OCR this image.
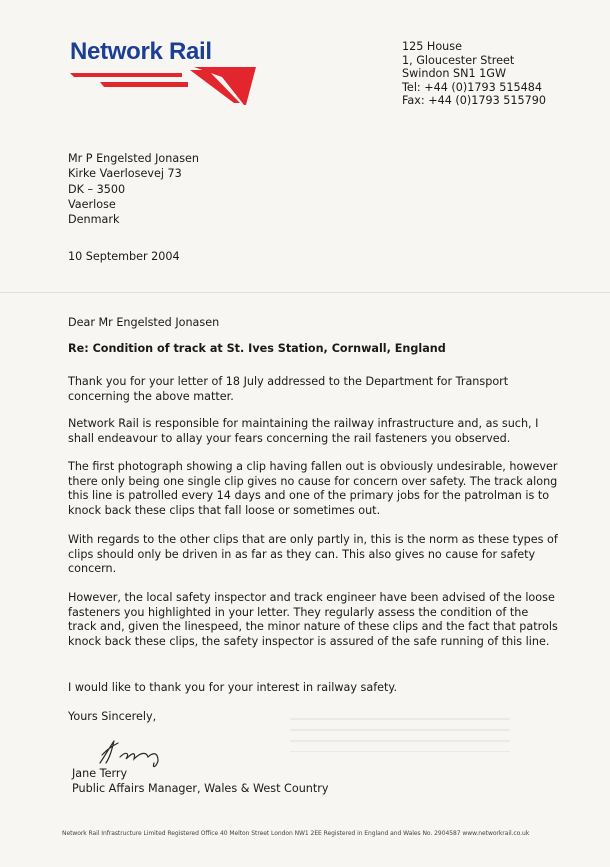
Network Rail	125 House
1, Gloucester Street
Swindon SN1 1GW
Tel: +44 (0)1793 515484
Fax: +44 (0)1793 515790
Mr P Engelsted Jonasen
Kirke Vaerlosevej 73
DK – 3500
Vaerlose
Denmark
10 September 2004
Dear Mr Engelsted Jonasen
Re: Condition of track at St. Ives Station, Cornwall, England

Thank you for your letter of 18 July addressed to the Department for Transport concerning the above matter.

Network Rail is responsible for maintaining the railway infrastructure and, as such, I shall endeavour to allay your fears concerning the rail fasteners you observed.

The first photograph showing a clip having fallen out is obviously undesirable, however there only being one single clip gives no cause for concern over safety. The track along this line is patrolled every 14 days and one of the primary jobs for the patrolman is to knock back these clips that fall loose or sometimes out.

With regards to the other clips that are only partly in, this is the norm as these types of clips should only be driven in as far as they can. This also gives no cause for safety concern.

However, the local safety inspector and track engineer have been advised of the loose fasteners you highlighted in your letter. They regularly assess the condition of the track and, given the linespeed, the minor nature of these clips and the fact that patrols knock back these clips, the safety inspector is assured of the safe running of this line.

I would like to thank you for your interest in railway safety.

Yours Sincerely,
Jane Terry
Public Affairs Manager, Wales & West Country
Network Rail Infrastructure Limited Registered Office 40 Melton Street London NW1 2EE Registered in England and Wales No. 2904587 www.networkrail.co.uk
